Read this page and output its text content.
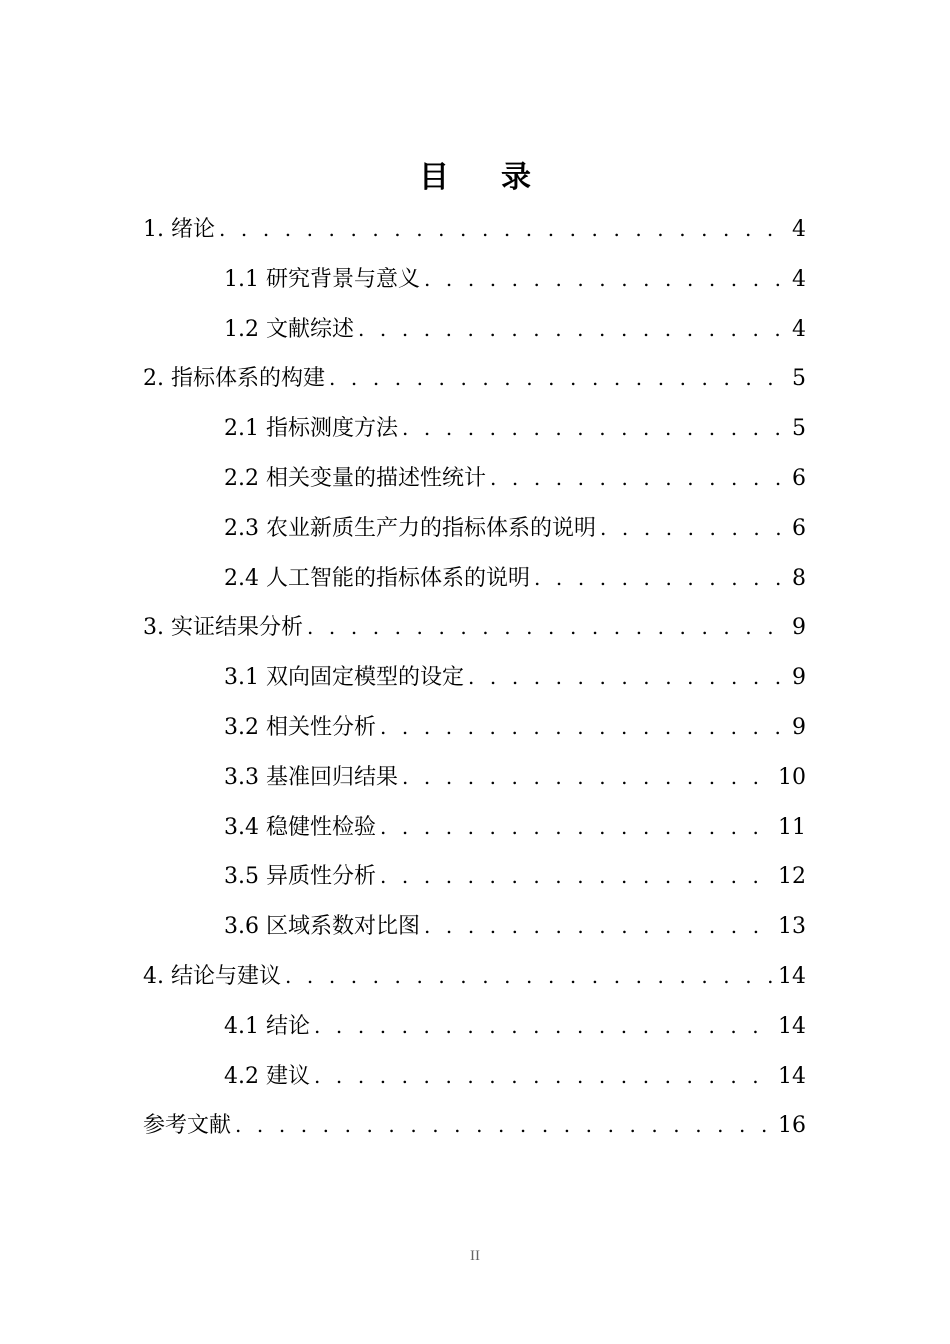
目录
1. 绪论 . . .	4
1.1 研究背景与意义 . . .	4
1.2 文献综述 . . .	4
2. 指标体系的构建 . . .	5
2.1 指标测度方法 . . .	5
2.2 相关变量的描述性统计 . . .	6
2.3 农业新质生产力的指标体系的说明 . . .	6
2.4 人工智能的指标体系的说明 . . .	8
3. 实证结果分析 . . .	9
3.1 双向固定模型的设定 . . .	9
3.2 相关性分析 . . .	9
3.3 基准回归结果 . . .	10
3.4 稳健性检验 . . .	11
3.5 异质性分析 . . .	12
3.6 区域系数对比图 . . .	13
4. 结论与建议 . . .	14
4.1 结论 . . .	14
4.2 建议 . . .	14
参考文献 . . .	16
II
